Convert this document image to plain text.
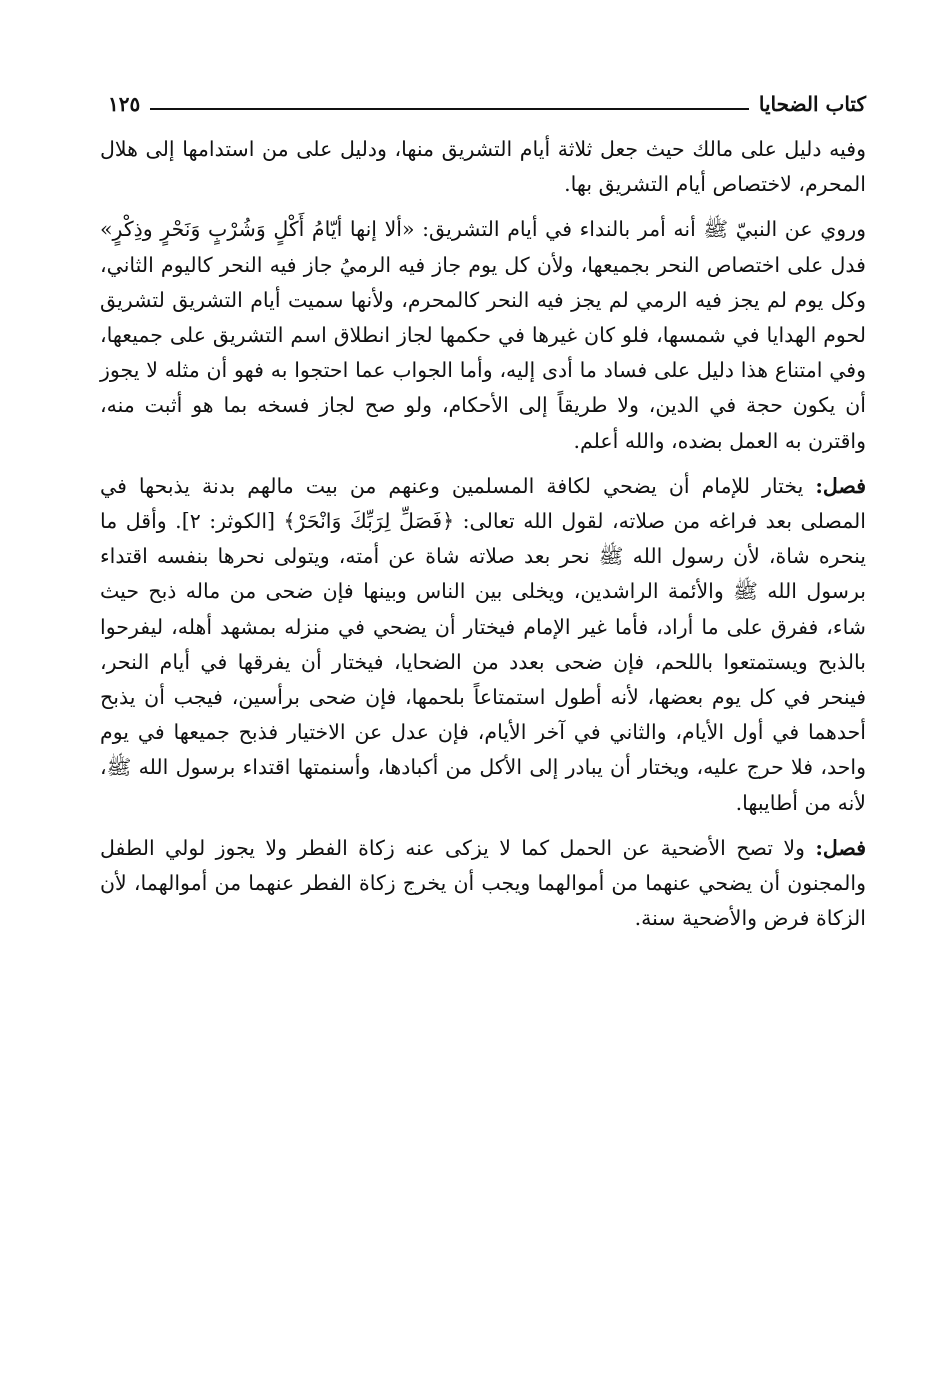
كتاب الضحايا
١٢٥

وفيه دليل على مالك حيث جعل ثلاثة أيام التشريق منها، ودليل على من استدامها إلى هلال المحرم، لاختصاص أيام التشريق بها.

وروي عن النبيّ ﷺ أنه أمر بالنداء في أيام التشريق: «ألا إنها أيّامُ أَكْلٍ وَشُرْبٍ وَنَحْرٍ وذِكْرٍ» فدل على اختصاص النحر بجميعها، ولأن كل يوم جاز فيه الرميُ جاز فيه النحر كاليوم الثاني، وكل يوم لم يجز فيه الرمي لم يجز فيه النحر كالمحرم، ولأنها سميت أيام التشريق لتشريق لحوم الهدايا في شمسها، فلو كان غيرها في حكمها لجاز انطلاق اسم التشريق على جميعها، وفي امتناع هذا دليل على فساد ما أدى إليه، وأما الجواب عما احتجوا به فهو أن مثله لا يجوز أن يكون حجة في الدين، ولا طريقاً إلى الأحكام، ولو صح لجاز فسخه بما هو أثبت منه، واقترن به العمل بضده، والله أعلم.

فصل: يختار للإمام أن يضحي لكافة المسلمين وعنهم من بيت مالهم بدنة يذبحها في المصلى بعد فراغه من صلاته، لقول الله تعالى: ﴿فَصَلِّ لِرَبِّكَ وَانْحَرْ﴾ [الكوثر: ٢]. وأقل ما ينحره شاة، لأن رسول الله ﷺ نحر بعد صلاته شاة عن أمته، ويتولى نحرها بنفسه اقتداء برسول الله ﷺ والأئمة الراشدين، ويخلى بين الناس وبينها فإن ضحى من ماله ذبح حيث شاء، ففرق على ما أراد، فأما غير الإمام فيختار أن يضحي في منزله بمشهد أهله، ليفرحوا بالذبح ويستمتعوا باللحم، فإن ضحى بعدد من الضحايا، فيختار أن يفرقها في أيام النحر، فينحر في كل يوم بعضها، لأنه أطول استمتاعاً بلحمها، فإن ضحى برأسين، فيجب أن يذبح أحدهما في أول الأيام، والثاني في آخر الأيام، فإن عدل عن الاختيار فذبح جميعها في يوم واحد، فلا حرج عليه، ويختار أن يبادر إلى الأكل من أكبادها، وأسنمتها اقتداء برسول الله ﷺ، لأنه من أطايبها.

فصل: ولا تصح الأضحية عن الحمل كما لا يزكى عنه زكاة الفطر ولا يجوز لولي الطفل والمجنون أن يضحي عنهما من أموالهما ويجب أن يخرج زكاة الفطر عنهما من أموالهما، لأن الزكاة فرض والأضحية سنة.
